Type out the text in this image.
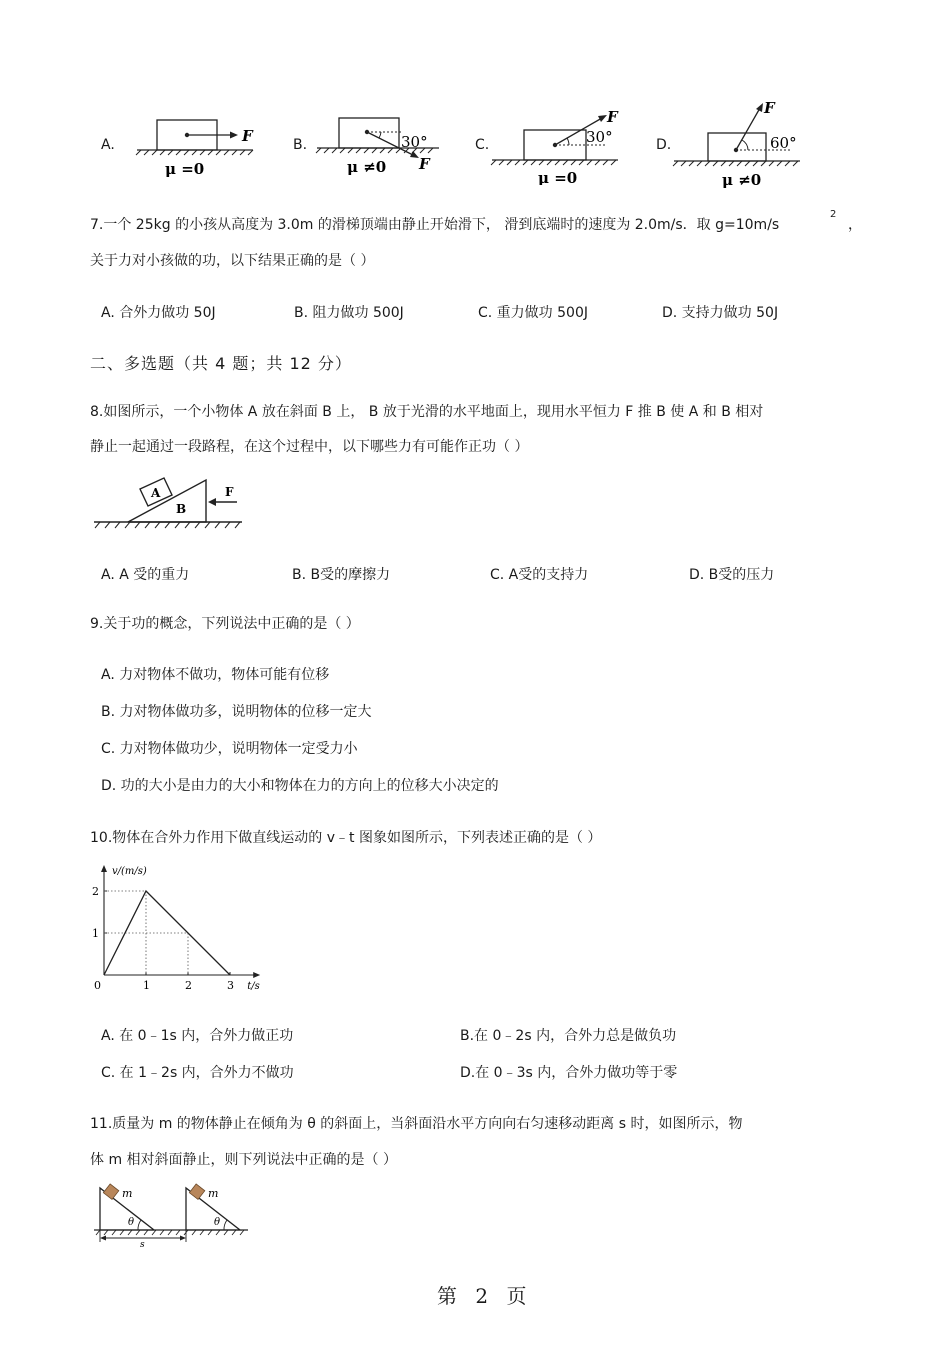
A.	F
μ =0
B.	30°
F
μ ≠0
C.	30°
F
μ =0
D.	60°
F
μ ≠0
7.一个 25kg 的小孩从高度为 3.0m 的滑梯顶端由静止开始滑下， 滑到底端时的速度为 2.0m/s．取 g=10m/s
2
，
关于力对小孩做的功，以下结果正确的是（ ）
A. 合外力做功 50J	B. 阻力做功 500J	C. 重力做功 500J	D. 支持力做功 50J
二、多选题（共 4 题；共 12 分）
8.如图所示，一个小物体 A 放在斜面 B 上， B 放于光滑的水平地面上，现用水平恒力 F 推 B 使 A 和 B 相对
静止一起通过一段路程，在这个过程中，以下哪些力有可能作正功（ ）
A
B
F
A. A 受的重力	B. B受的摩擦力	C. A受的支持力	D. B受的压力
9.关于功的概念，下列说法中正确的是（ ）
A. 力对物体不做功，物体可能有位移
B. 力对物体做功多，说明物体的位移一定大
C. 力对物体做功少，说明物体一定受力小
D. 功的大小是由力的大小和物体在力的方向上的位移大小决定的
10.物体在合外力作用下做直线运动的 v﹣t 图象如图所示，下列表述正确的是（ ）
0	1	2	3
1
2
v/(m/s)
t/s
A. 在 0﹣1s 内，合外力做正功	B.在 0﹣2s 内，合外力总是做负功
C. 在 1﹣2s 内，合外力不做功	D.在 0﹣3s 内，合外力做功等于零
11.质量为 m 的物体静止在倾角为 θ 的斜面上，当斜面沿水平方向向右匀速移动距离 s 时，如图所示，物
体 m 相对斜面静止，则下列说法中正确的是（ ）
m
θ
m
θ
s
第 2 页
